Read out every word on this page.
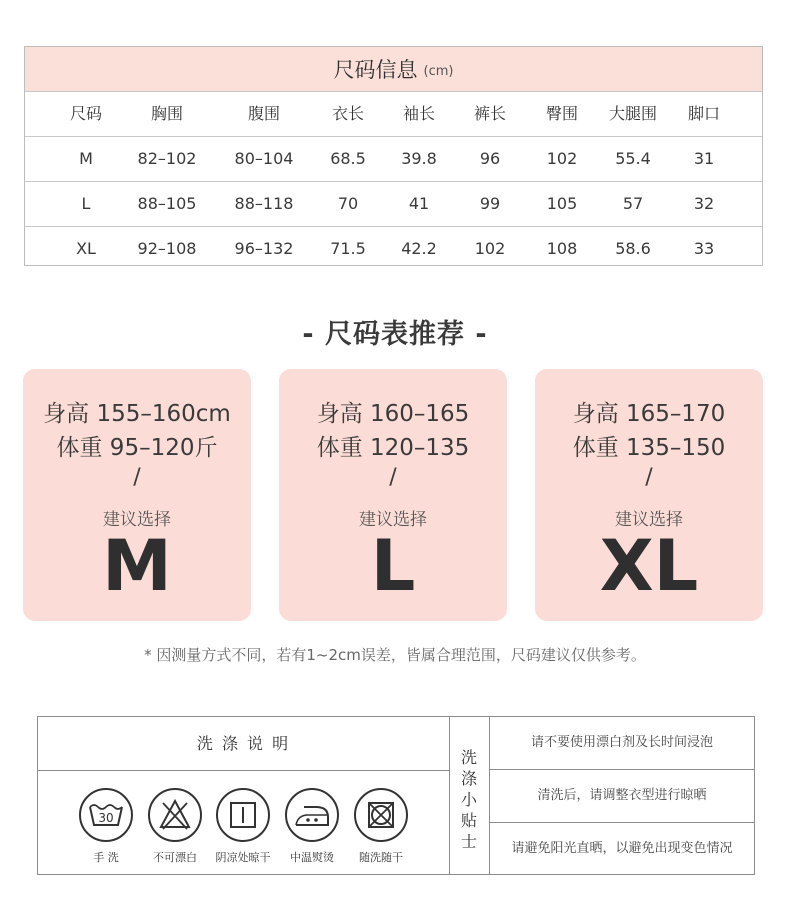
尺码信息 (cm)
尺码	胸围	腹围	衣长 袖长 裤长 臀围 大腿围 脚口
M	82–102 80–104 68.5 39.8	96	102 55.4	31
L	88–105 88–118	70	41	99	105	57	32
XL	92–108 96–132 71.5 42.2 102	108 58.6	33
- 尺码表推荐 -
身高 155–160cm
体重 95–120斤
/
建议选择
M
身高 160–165
体重 120–135
/
建议选择
L
身高 165–170
体重 135–150
/
建议选择
XL
* 因测量方式不同，若有1~2cm误差，皆属合理范围，尺码建议仅供参考。
洗 涤 说 明
30
手 洗	不可漂白	阴凉处晾干	中温熨烫	随洗随干
洗
涤
小
贴
士
请不要使用漂白剂及长时间浸泡
清洗后，请调整衣型进行晾晒
请避免阳光直晒，以避免出现变色情况
